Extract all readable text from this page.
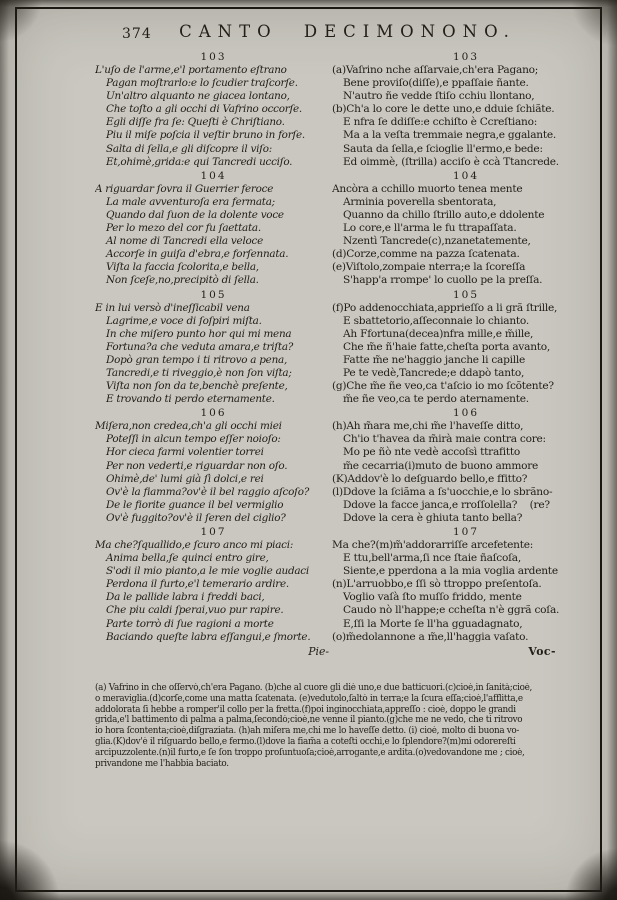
374	CANTO DECIMONONO.
103
L'uſo de l'arme,e'l portamento eſtrano
Pagan moſtrarlo:e lo ſcudier traſcorſe.
Un'altro alquanto ne giacea lontano,
Che toſto a gli occhi di Vafrino occorſe.
Egli diſſe fra ſe: Queſti è Chriſtiano.
Piu il miſe poſcia il veſtir bruno in forſe.
Salta di ſella,e gli diſcopre il viſo:
Et,ohimè,grida:e qui Tancredi ucciſo.
104
A riguardar ſovra il Guerrier feroce
La male avventuroſa era fermata;
Quando dal ſuon de la dolente voce
Per lo mezo del cor fu ſaettata.
Al nome di Tancredi ella veloce
Accorſe in guiſa d'ebra,e forſennata.
Viſta la faccia ſcolorita,e bella,
Non ſceſe,no,precipitò di ſella.
105
E in lui versò d'ineſſicabil vena
Lagrime,e voce di ſoſpiri miſta.
In che miſero punto hor qui mi mena
Fortuna?a che veduta amara,e triſta?
Dopò gran tempo i ti ritrovo a pena,
Tancredi,e ti riveggio,è non ſon viſta;
Viſta non ſon da te,benchè preſente,
E trovando ti perdo eternamente.
106
Miſera,non credea,ch'a gli occhi miei
Poteſſi in alcun tempo eſſer noioſo:
Hor cieca farmi volentier torrei
Per non vederti,e riguardar non oſo.
Ohimè,de' lumi già ſì dolci,e rei
Ov'è la fiamma?ov'è il bel raggio aſcoſo?
De le fiorite guance il bel vermiglio
Ov'è fuggito?ov'è il ſeren del ciglio?
107
Ma che?ſquallido,e ſcuro anco mi piaci:
Anima bella,ſe quinci entro gire,
S'odi il mio pianto,a le mie voglie audaci
Perdona il furto,e'l temerario ardire.
Da le pallide labra i freddi baci,
Che piu caldi ſperai,vuo pur rapire.
Parte torrò di ſue ragioni a morte
Baciando queſte labra eſſangui,e ſmorte.
Pie-
103
(a)Vaſrino nche aſſarvaie,ch'era Pagano;
Bene proviſo(diſſe),e ppaſſaie ñante.
N'autro ñe vedde ſtiſo cchiu llontano,
(b)Ch'a lo core le dette uno,e dduie ſchiãte.
E nfra ſe ddiſſe:e cchiſto è Ccreſtiano:
Ma a la veſta tremmaie negra,e ggalante.
Sauta da ſella,e ſcioglie ll'ermo,e bede:
Ed oimmè, (ſtrilla) acciſo è ccà Ttancrede.
104
Ancòra a cchillo muorto tenea mente
Arminia poverella sbentorata,
Quanno da chillo ſtrillo auto,e ddolente
Lo core,e ll'arma le fu ttrapaſſata.
Nzentì Tancrede(c),nzanetatemente,
(d)Corze,comme na pazza ſcatenata.
(e)Viſtolo,zompaie nterra;e la ſcoreſſa
S'happ'a rrompe' lo cuollo pe la preſſa.
105
(f)Po addenocchiata,apprieſſo a li grã ſtrille,
E sbattetorio,aſſeconnaie lo chianto.
Ah Ffortuna(decea)nfra mille,e m̃ille,
Che m̃e ñ'haie fatte,cheſta porta avanto,
Fatte m̃e ne'haggio janche li capille
Pe te vedè,Tancrede;e ddapò tanto,
(g)Che m̃e ñe veo,ca t'aſcio io mo ſcõtente?
m̃e ñe veo,ca te perdo aternamente.
106
(h)Ah m̃ara me,chi m̃e l'haveſſe ditto,
Ch'io t'havea da m̃irà maie contra core:
Mo pe ñò nte vedè accoſsì ttrafitto
m̃e cecarria(i)muto de buono ammore
(K)Addov'è lo deſguardo bello,e ffitto?
(l)Ddove la ſciãma a ſs'uocchie,e lo sbrãno-
Ddove la facce janca,e rroſſolella?    (re?
Ddove la cera è ghiuta tanto bella?
107
Ma che?(m)m̃'addorarriſſe arcefetente:
E ttu,bell'arma,ſi nce ſtaie ñaſcoſa,
Siente,e pperdona a la mia voglia ardente
(n)L'arruobbo,e ſſi sò ttroppo preſentoſa.
Voglio vaſà ſto muſſo friddo, mente
Caudo nò ll'happe;e ccheſta n'è ggrã coſa.
E,ſſi la Morte ſe ll'ha gguadagnato,
(o)m̃edolannone a m̃e,ll'haggia vaſato.
Voc-
(a) Vafrino in che oſſervò,ch'era Pagano. (b)che al cuore gli diè uno,e due batticuori.(c)cioè,in ſanità;cioè,
o meraviglia.(d)corſe,come una matta ſcatenata. (e)vedutolo,ſaltò in terra;e la ſcura eſſa;cioè,l'afflitta,e
addolorata ſi hebbe a romper'il collo per la fretta.(f)poi inginocchiata,appreſſo : cioè, doppo le grandi
grida,e'l battimento di palma a palma,ſecondò;cioè,ne venne il pianto.(g)che me ne vedo, che ti ritrovo
io hora ſcontenta;cioè,diſgraziata. (h)ah miſera me,chi me lo haveſſe detto. (i) cioè, molto di buona vo-
glia.(K)dov'è il riſguardo bello,e fermo.(l)dove la fiam̃a a coteſti occhi,e lo ſplendore?(m)mi odorereſti
arcipuzzolente.(n)il furto,e ſe ſon troppo proſuntuoſa;cioè,arrogante,e ardita.(o)vedovandone me ; cioè,
privandone me l'habbia baciato.
